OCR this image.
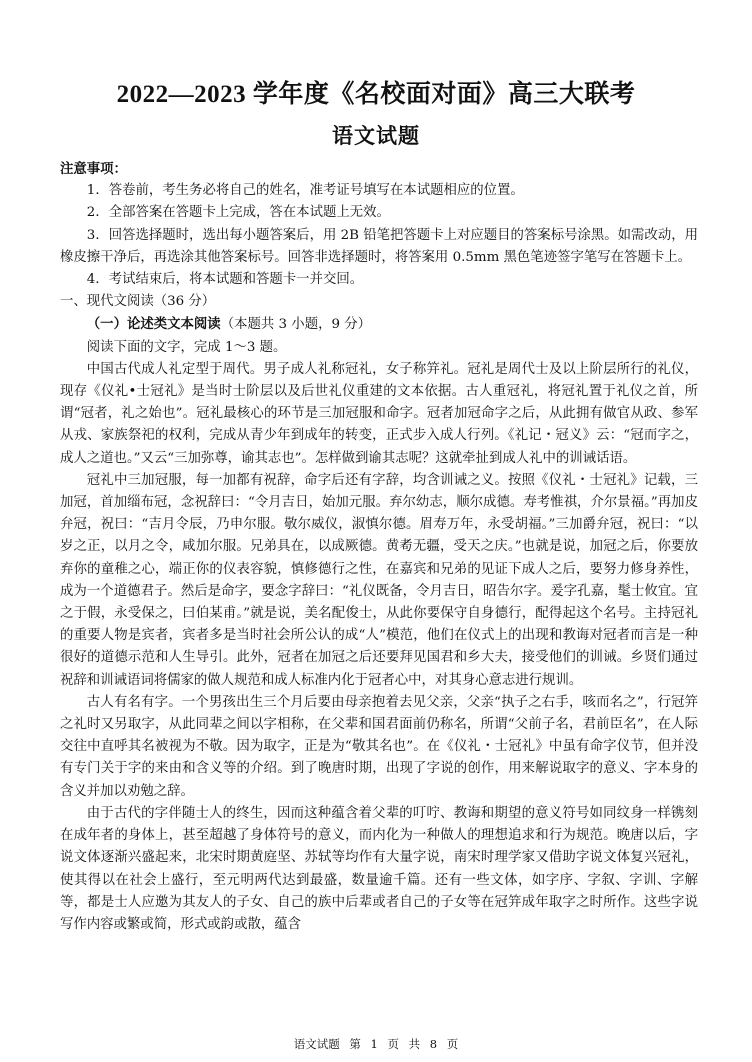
2022—2023 学年度《名校面对面》高三大联考
语文试题

注意事项：

1．答卷前，考生务必将自己的姓名，准考证号填写在本试题相应的位置。

2．全部答案在答题卡上完成，答在本试题上无效。

3．回答选择题时，选出每小题答案后，用 2B 铅笔把答题卡上对应题目的答案标号涂黑。如需改动，用橡皮擦干净后，再选涂其他答案标号。回答非选择题时，将答案用 0.5mm 黑色笔迹签字笔写在答题卡上。

4．考试结束后，将本试题和答题卡一并交回。

一、现代文阅读（36 分）

（一）论述类文本阅读（本题共 3 小题，9 分）

阅读下面的文字，完成 1～3 题。

中国古代成人礼定型于周代。男子成人礼称冠礼，女子称笄礼。冠礼是周代士及以上阶层所行的礼仪，现存《仪礼•士冠礼》是当时士阶层以及后世礼仪重建的文本依据。古人重冠礼，将冠礼置于礼仪之首，所谓“冠者，礼之始也”。冠礼最核心的环节是三加冠服和命字。冠者加冠命字之后，从此拥有做官从政、参军从戎、家族祭祀的权利，完成从青少年到成年的转变，正式步入成人行列。《礼记・冠义》云：“冠而字之，成人之道也。”又云“三加弥尊，谕其志也”。怎样做到谕其志呢？这就牵扯到成人礼中的训诫话语。

冠礼中三加冠服，每一加都有祝辞，命字后还有字辞，均含训诫之义。按照《仪礼・士冠礼》记载，三加冠，首加缁布冠，念祝辞曰：“令月吉日，始加元服。弃尔幼志，顺尔成德。寿考惟祺，介尔景福。”再加皮弁冠，祝曰：“吉月令辰，乃申尔服。敬尔威仪，淑慎尔德。眉寿万年，永受胡福。”三加爵弁冠，祝曰：“以岁之正，以月之令，咸加尔服。兄弟具在，以成厥德。黄耇无疆，受天之庆。”也就是说，加冠之后，你要放弃你的童稚之心，端正你的仪表容貌，慎修德行之性，在嘉宾和兄弟的见证下成人之后，要努力修身养性，成为一个道德君子。然后是命字，要念字辞曰：“礼仪既备，令月吉日，昭告尔字。爰字孔嘉，髦士攸宜。宜之于假，永受保之，曰伯某甫。”就是说，美名配俊士，从此你要保守自身德行，配得起这个名号。主持冠礼的重要人物是宾者，宾者多是当时社会所公认的成“人”模范，他们在仪式上的出现和教诲对冠者而言是一种很好的道德示范和人生导引。此外，冠者在加冠之后还要拜见国君和乡大夫，接受他们的训诫。乡贤们通过祝辞和训诫语词将儒家的做人规范和成人标准内化于冠者心中，对其身心意志进行规训。

古人有名有字。一个男孩出生三个月后要由母亲抱着去见父亲，父亲“执子之右手，咳而名之”，行冠笄之礼时又另取字，从此同辈之间以字相称，在父辈和国君面前仍称名，所谓“父前子名，君前臣名”，在人际交往中直呼其名被视为不敬。因为取字，正是为“敬其名也”。在《仪礼・士冠礼》中虽有命字仪节，但并没有专门关于字的来由和含义等的介绍。到了晚唐时期，出现了字说的创作，用来解说取字的意义、字本身的含义并加以劝勉之辞。

由于古代的字伴随士人的终生，因而这种蕴含着父辈的叮咛、教诲和期望的意义符号如同纹身一样镌刻在成年者的身体上，甚至超越了身体符号的意义，而内化为一种做人的理想追求和行为规范。晚唐以后，字说文体逐渐兴盛起来，北宋时期黄庭坚、苏轼等均作有大量字说，南宋时理学家又借助字说文体复兴冠礼，使其得以在社会上盛行，至元明两代达到最盛，数量逾千篇。还有一些文体，如字序、字叙、字训、字解等，都是士人应邀为其友人的子女、自己的族中后辈或者自己的子女等在冠笄成年取字之时所作。这些字说写作内容或繁或简，形式或韵或散，蕴含

语文试题 第 1 页 共 8 页
